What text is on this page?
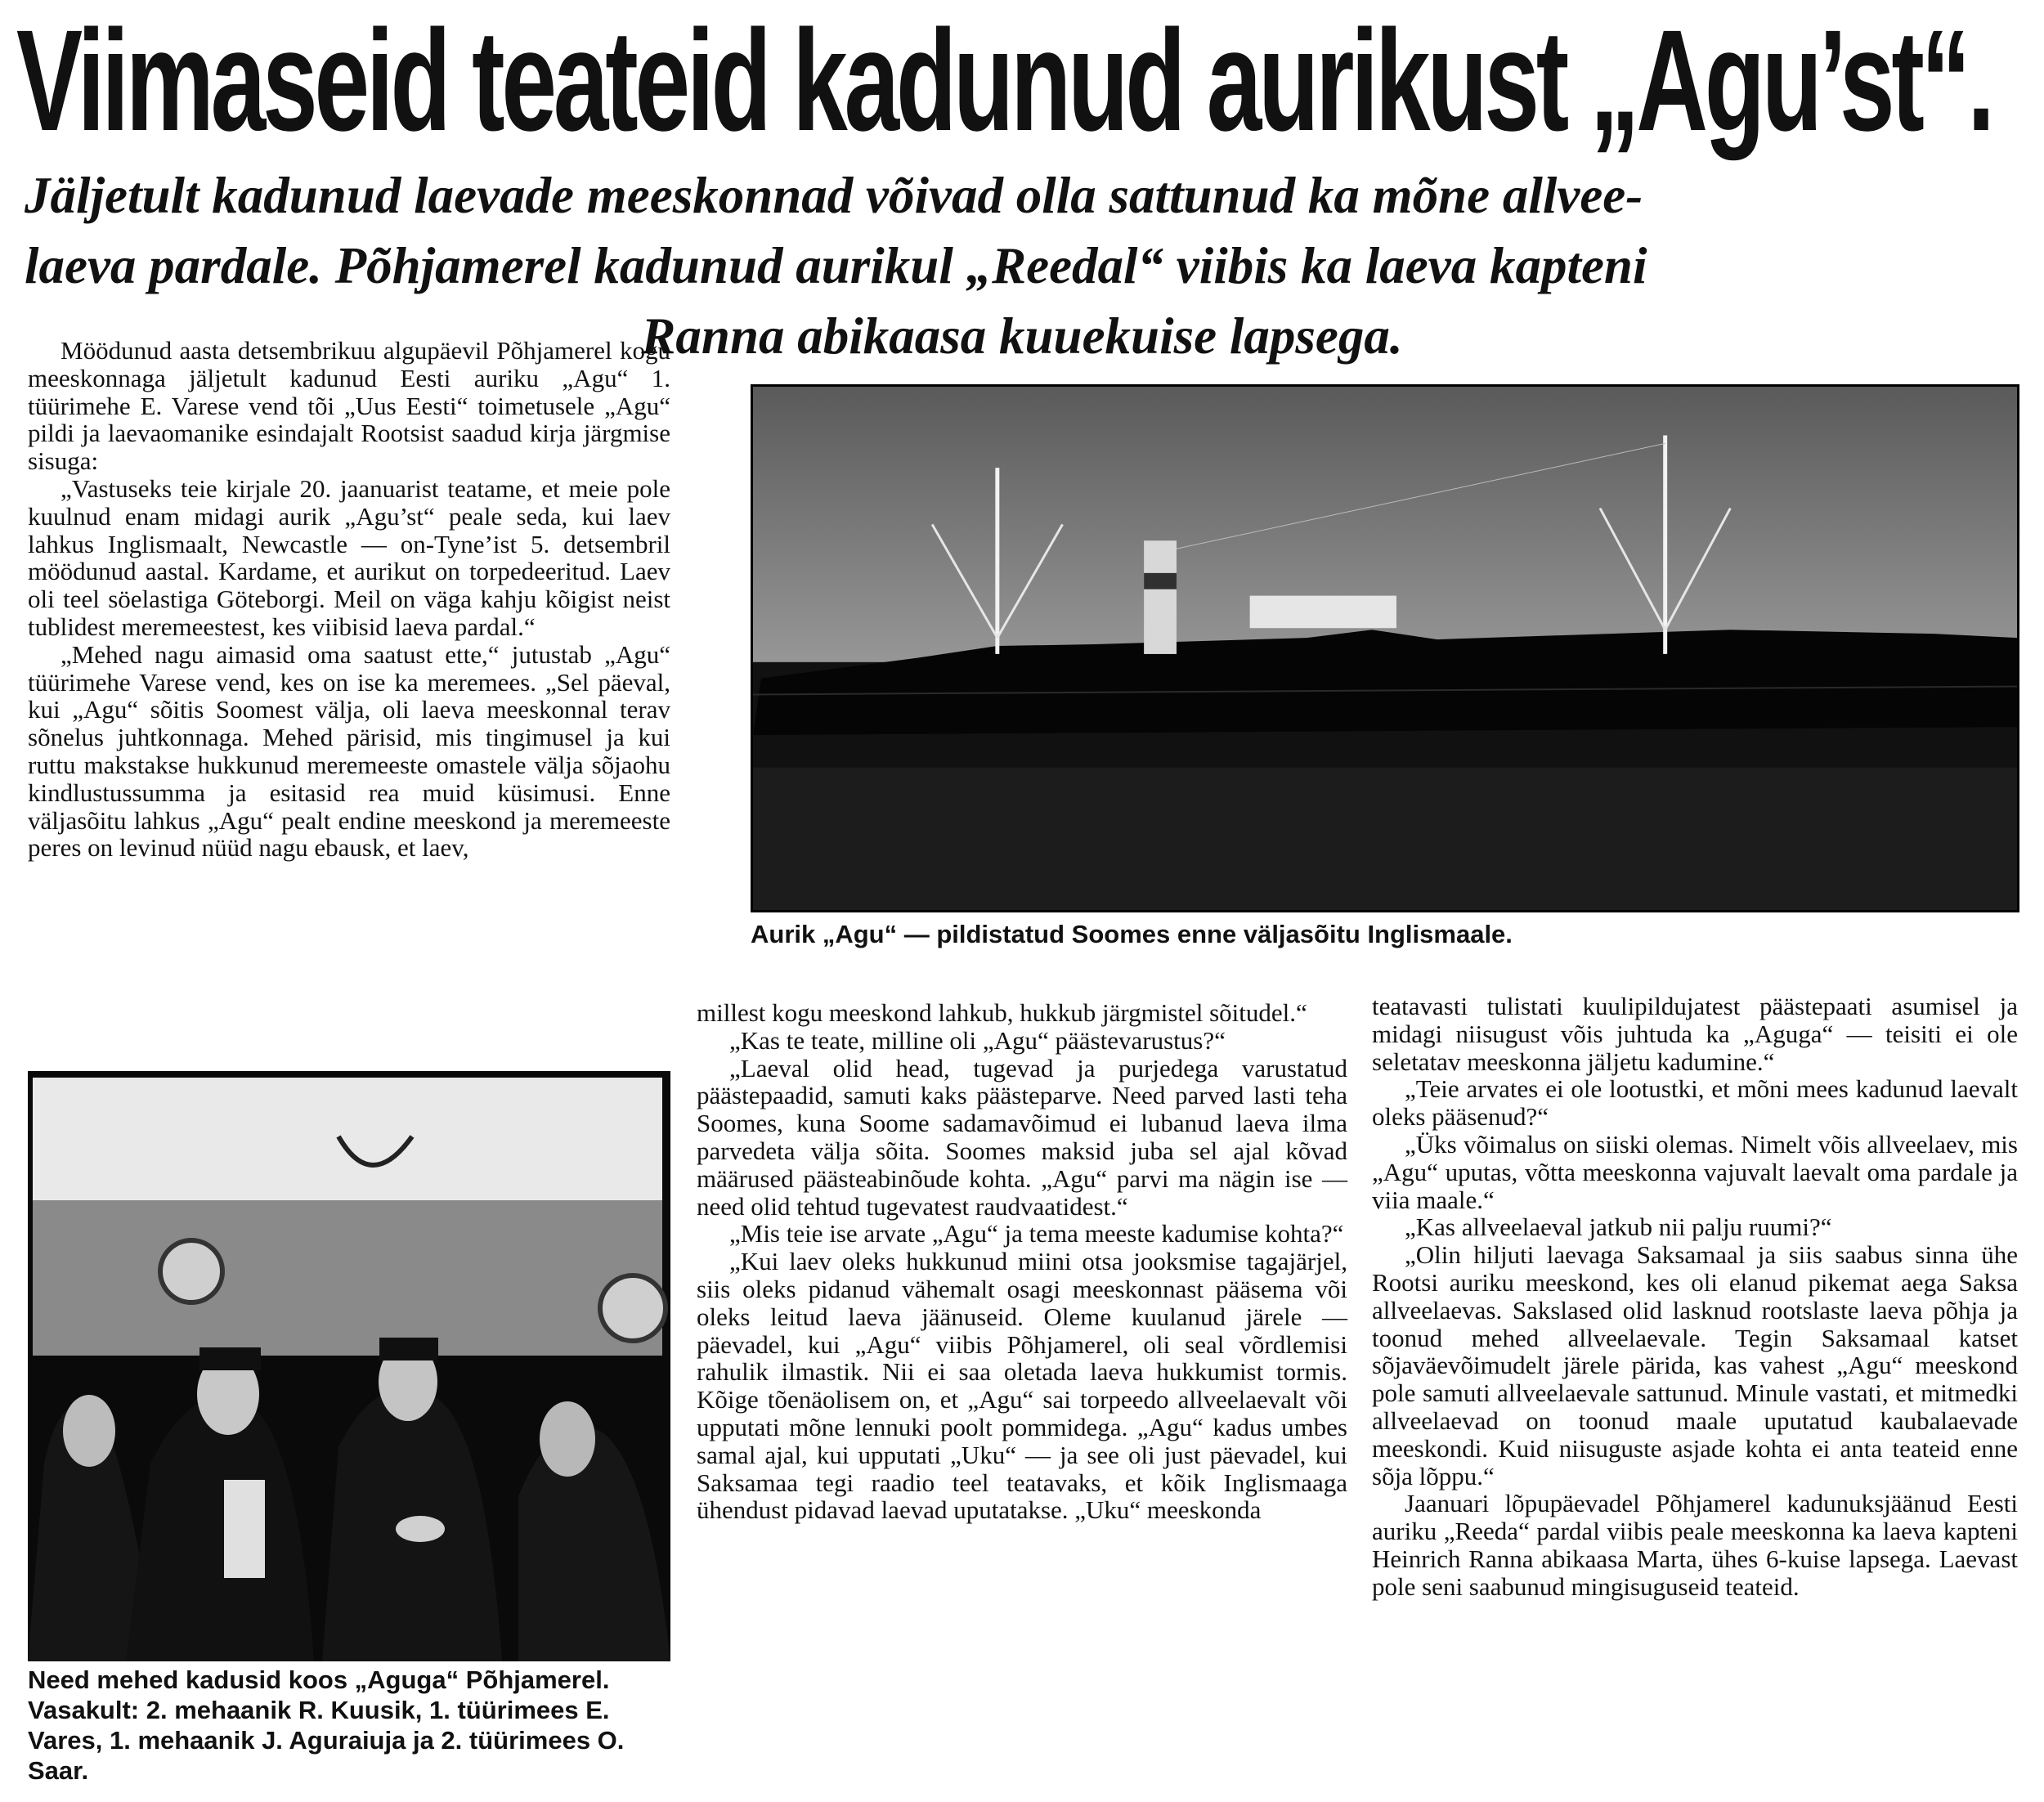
Viimaseid teateid kadunud aurikust „Agu’st“.
Jäljetult kadunud laevade meeskonnad võivad olla sattunud ka mõne allvee-
laeva pardale. Põhjamerel kadunud aurikul „Reedal“ viibis ka laeva kapteni
Ranna abikaasa kuuekuise lapsega.

Möödunud aasta detsembrikuu algupäevil Põhjamerel kogu meeskonnaga jäljetult kadunud Eesti auriku „Agu“ 1. tüürimehe E. Varese vend tõi „Uus Eesti“ toimetusele „Agu“ pildi ja laevaomanike esindajalt Rootsist saadud kirja järgmise sisuga:

„Vastuseks teie kirjale 20. jaanuarist teatame, et meie pole kuulnud enam midagi aurik „Agu’st“ peale seda, kui laev lahkus Inglismaalt, Newcastle — on-Tyne’ist 5. detsembril möödunud aastal. Kardame, et aurikut on torpedeeritud. Laev oli teel söelastiga Göteborgi. Meil on väga kahju kõigist neist tublidest meremeestest, kes viibisid laeva pardal.“

„Mehed nagu aimasid oma saatust ette,“ jutustab „Agu“ tüürimehe Varese vend, kes on ise ka meremees. „Sel päeval, kui „Agu“ sõitis Soomest välja, oli laeva meeskonnal terav sõnelus juhtkonnaga. Mehed pärisid, mis tingimusel ja kui ruttu makstakse hukkunud meremeeste omastele välja sõjaohu kindlustussumma ja esitasid rea muid küsimusi. Enne väljasõitu lahkus „Agu“ pealt endine meeskond ja meremeeste peres on levinud nüüd nagu ebausk, et laev,

Aurik „Agu“ — pildistatud Soomes enne väljasõitu Inglismaale.
Need mehed kadusid koos „Aguga“ Põhjamerel. Vasakult: 2. mehaanik R. Kuusik, 1. tüürimees E. Vares, 1. mehaanik J. Aguraiuja ja 2. tüürimees O. Saar.

millest kogu meeskond lahkub, hukkub järgmistel sõitudel.“

„Kas te teate, milline oli „Agu“ päästevarustus?“

„Laeval olid head, tugevad ja purjedega varustatud päästepaadid, samuti kaks päästeparve. Need parved lasti teha Soomes, kuna Soome sadamavõimud ei lubanud laeva ilma parvedeta välja sõita. Soomes maksid juba sel ajal kõvad määrused päästeabinõude kohta. „Agu“ parvi ma nägin ise — need olid tehtud tugevatest raudvaatidest.“

„Mis teie ise arvate „Agu“ ja tema meeste kadumise kohta?“

„Kui laev oleks hukkunud miini otsa jooksmise tagajärjel, siis oleks pidanud vähemalt osagi meeskonnast pääsema või oleks leitud laeva jäänuseid. Oleme kuulanud järele — päevadel, kui „Agu“ viibis Põhjamerel, oli seal võrdlemisi rahulik ilmastik. Nii ei saa oletada laeva hukkumist tormis. Kõige tõenäolisem on, et „Agu“ sai torpeedo allveelaevalt või upputati mõne lennuki poolt pommidega. „Agu“ kadus umbes samal ajal, kui upputati „Uku“ — ja see oli just päevadel, kui Saksamaa tegi raadio teel teatavaks, et kõik Inglismaaga ühendust pidavad laevad uputatakse. „Uku“ meeskonda

teatavasti tulistati kuulipildujatest päästepaati asumisel ja midagi niisugust võis juhtuda ka „Aguga“ — teisiti ei ole seletatav meeskonna jäljetu kadumine.“

„Teie arvates ei ole lootustki, et mõni mees kadunud laevalt oleks pääsenud?“

„Üks võimalus on siiski olemas. Nimelt võis allveelaev, mis „Agu“ uputas, võtta meeskonna vajuvalt laevalt oma pardale ja viia maale.“

„Kas allveelaeval jatkub nii palju ruumi?“

„Olin hiljuti laevaga Saksamaal ja siis saabus sinna ühe Rootsi auriku meeskond, kes oli elanud pikemat aega Saksa allveelaevas. Sakslased olid lasknud rootslaste laeva põhja ja toonud mehed allveelaevale. Tegin Saksamaal katset sõjaväevõimudelt järele pärida, kas vahest „Agu“ meeskond pole samuti allveelaevale sattunud. Minule vastati, et mitmedki allveelaevad on toonud maale uputatud kaubalaevade meeskondi. Kuid niisuguste asjade kohta ei anta teateid enne sõja lõppu.“

Jaanuari lõpupäevadel Põhjamerel kadunuksjäänud Eesti auriku „Reeda“ pardal viibis peale meeskonna ka laeva kapteni Heinrich Ranna abikaasa Marta, ühes 6-kuise lapsega. Laevast pole seni saabunud mingisuguseid teateid.
